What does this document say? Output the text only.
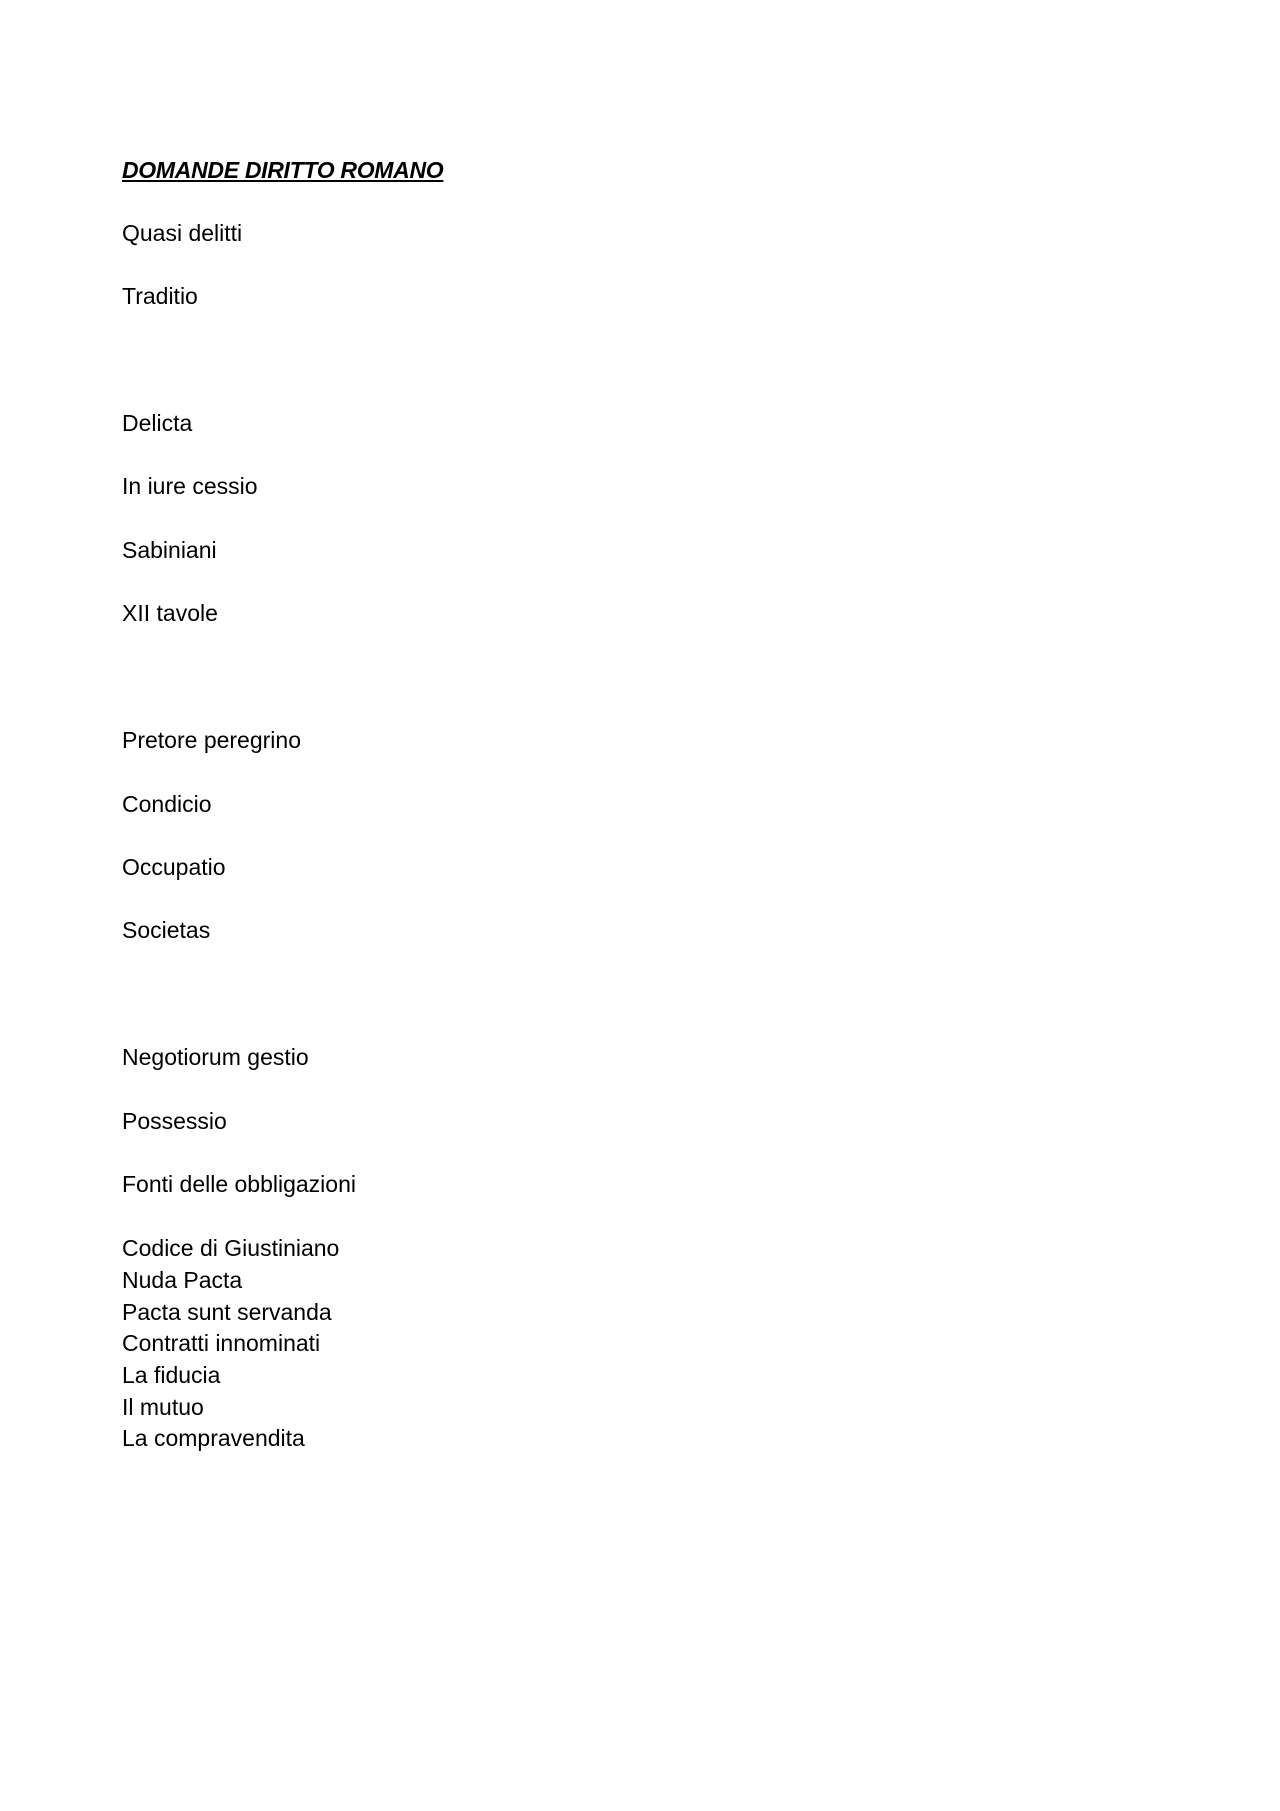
DOMANDE DIRITTO ROMANO
Quasi delitti
Traditio
Delicta
In iure cessio
Sabiniani
XII tavole
Pretore peregrino
Condicio
Occupatio
Societas
Negotiorum gestio
Possessio
Fonti delle obbligazioni
Codice di Giustiniano
Nuda Pacta
Pacta sunt servanda
Contratti innominati
La fiducia
Il mutuo
La compravendita
